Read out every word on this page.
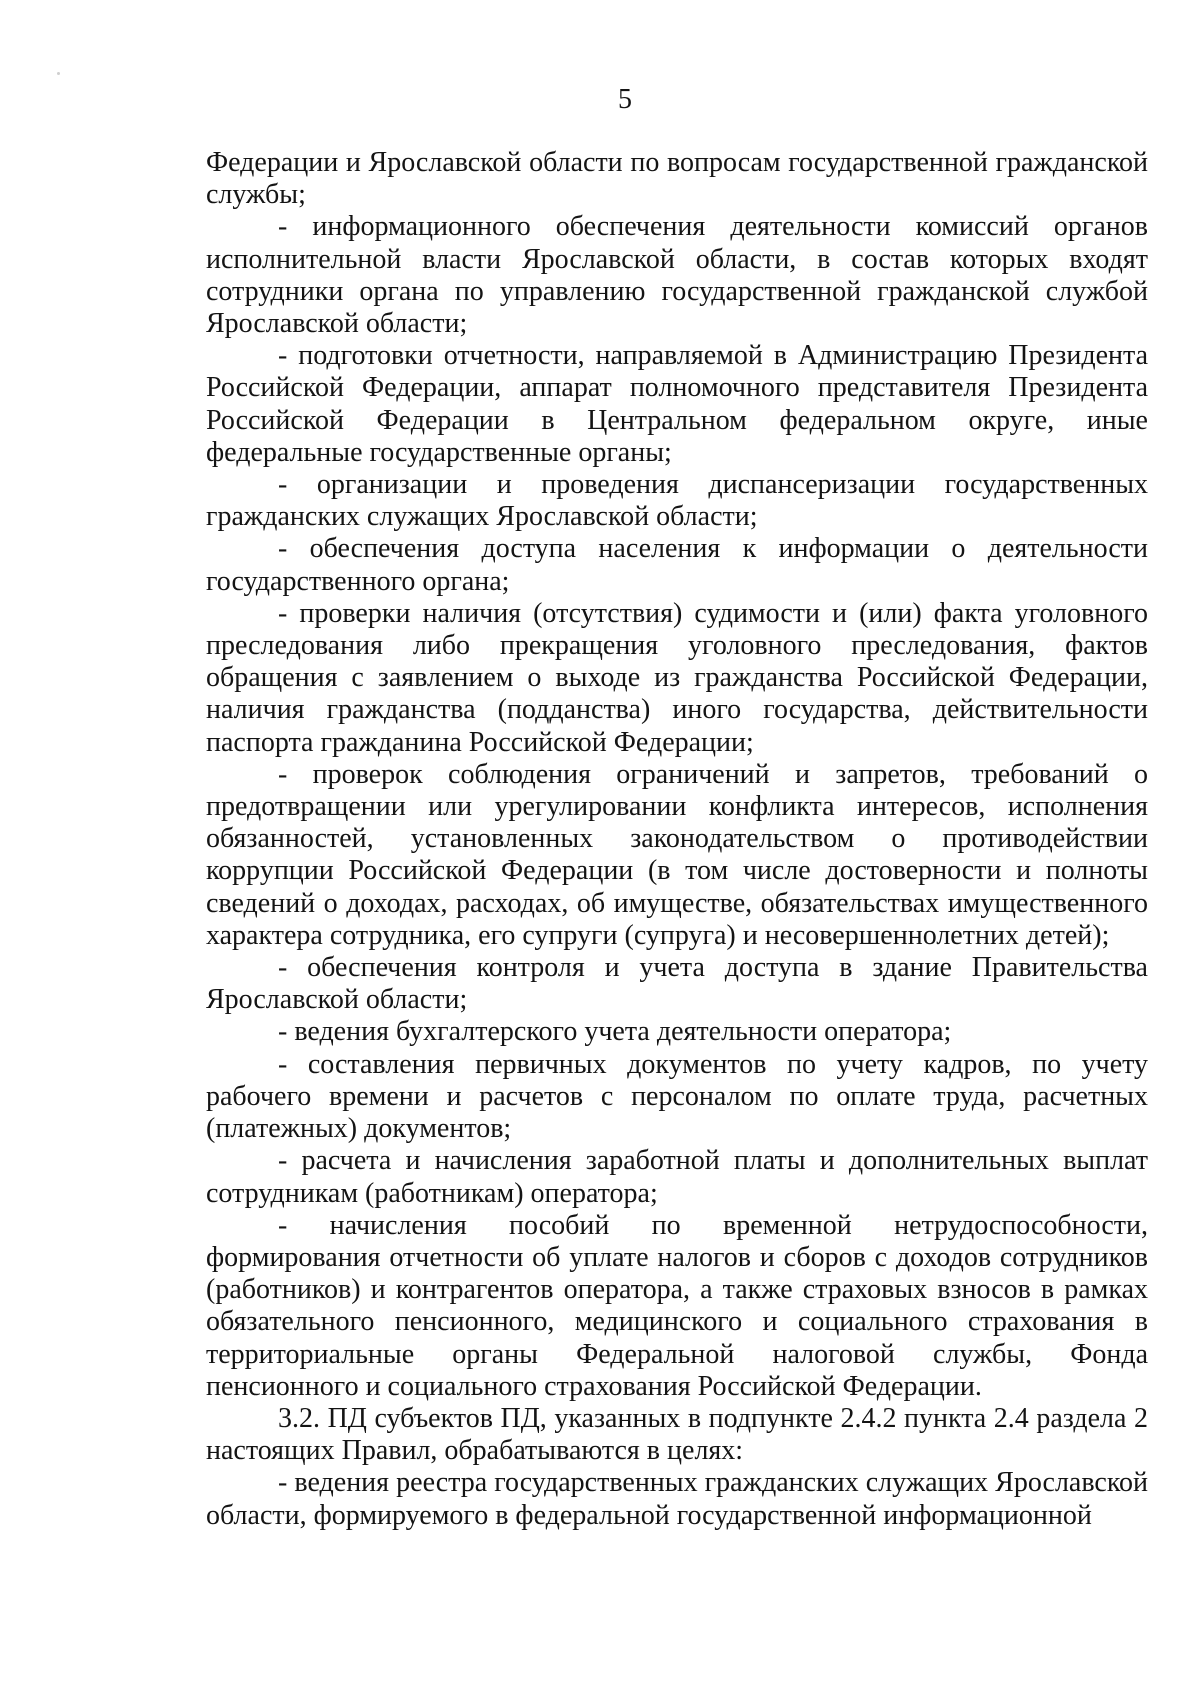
5

Федерации и Ярославской области по вопросам государственной гражданской службы;

- информационного обеспечения деятельности комиссий органов исполнительной власти Ярославской области, в состав которых входят сотрудники органа по управлению государственной гражданской службой Ярославской области;

- подготовки отчетности, направляемой в Администрацию Президента Российской Федерации, аппарат полномочного представителя Президента Российской Федерации в Центральном федеральном округе, иные федеральные государственные органы;

- организации и проведения диспансеризации государственных гражданских служащих Ярославской области;

- обеспечения доступа населения к информации о деятельности государственного органа;

- проверки наличия (отсутствия) судимости и (или) факта уголовного преследования либо прекращения уголовного преследования, фактов обращения с заявлением о выходе из гражданства Российской Федерации, наличия гражданства (подданства) иного государства, действительности паспорта гражданина Российской Федерации;

- проверок соблюдения ограничений и запретов, требований о предотвращении или урегулировании конфликта интересов, исполнения обязанностей, установленных законодательством о противодействии коррупции Российской Федерации (в том числе достоверности и полноты сведений о доходах, расходах, об имуществе, обязательствах имущественного характера сотрудника, его супруги (супруга) и несовершеннолетних детей);

- обеспечения контроля и учета доступа в здание Правительства Ярославской области;

- ведения бухгалтерского учета деятельности оператора;

- составления первичных документов по учету кадров, по учету рабочего времени и расчетов с персоналом по оплате труда, расчетных (платежных) документов;

- расчета и начисления заработной платы и дополнительных выплат сотрудникам (работникам) оператора;

- начисления пособий по временной нетрудоспособности, формирования отчетности об уплате налогов и сборов с доходов сотрудников (работников) и контрагентов оператора, а также страховых взносов в рамках обязательного пенсионного, медицинского и социального страхования в территориальные органы Федеральной налоговой службы, Фонда пенсионного и социального страхования Российской Федерации.

3.2. ПД субъектов ПД, указанных в подпункте 2.4.2 пункта 2.4 раздела 2 настоящих Правил, обрабатываются в целях:

- ведения реестра государственных гражданских служащих Ярославской области, формируемого в федеральной государственной информационной
